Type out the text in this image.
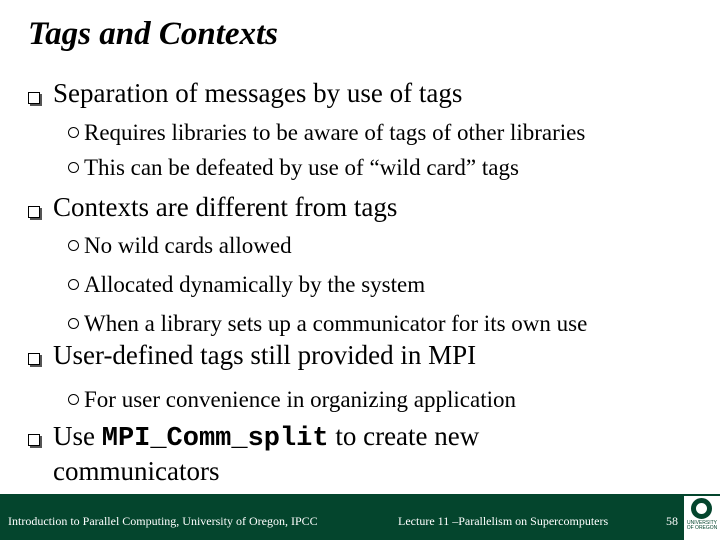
Tags and Contexts
Separation of messages by use of tags
Requires libraries to be aware of tags of other libraries
This can be defeated by use of “wild card” tags
Contexts are different from tags
No wild cards allowed
Allocated dynamically by the system
When a library sets up a communicator for its own use
User-defined tags still provided in MPI
For user convenience in organizing application
Use MPI_Comm_split to create new
communicators
Introduction to Parallel Computing, University of Oregon, IPCC	Lecture 11 –Parallelism on Supercomputers	58	UNIVERSITY OF OREGON
